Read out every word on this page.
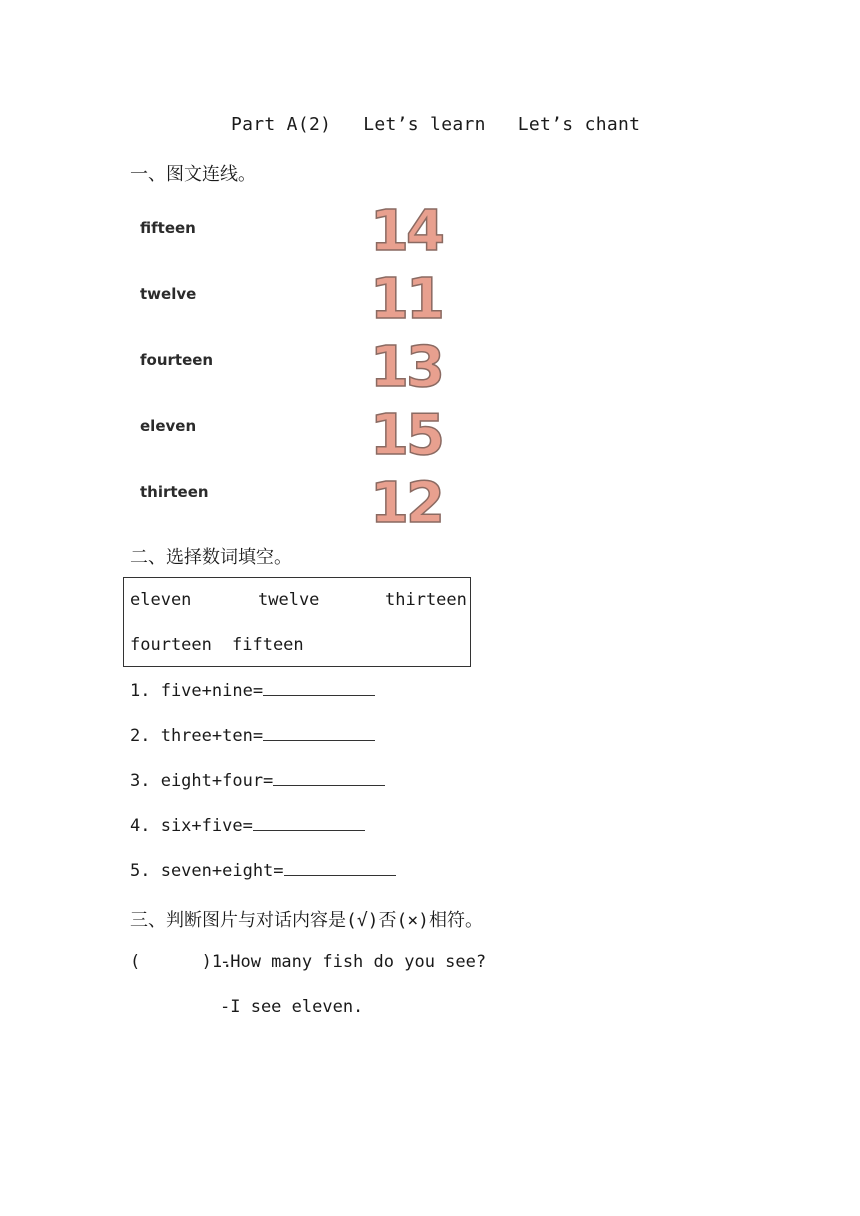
Part A(2) Let’s learn Let’s chant
一、图文连线。
fifteen
twelve
fourteen
eleven
thirteen
14
11
13
15
12
二、选择数词填空。
eleven	twelve	thirteen
fourteen fifteen
1. five+nine=
2. three+ten=
3. eight+four=
4. six+five=
5. seven+eight=
三、判断图片与对话内容是(√)否(×)相符。
(      )1.
-How many fish do you see?
-I see eleven.
